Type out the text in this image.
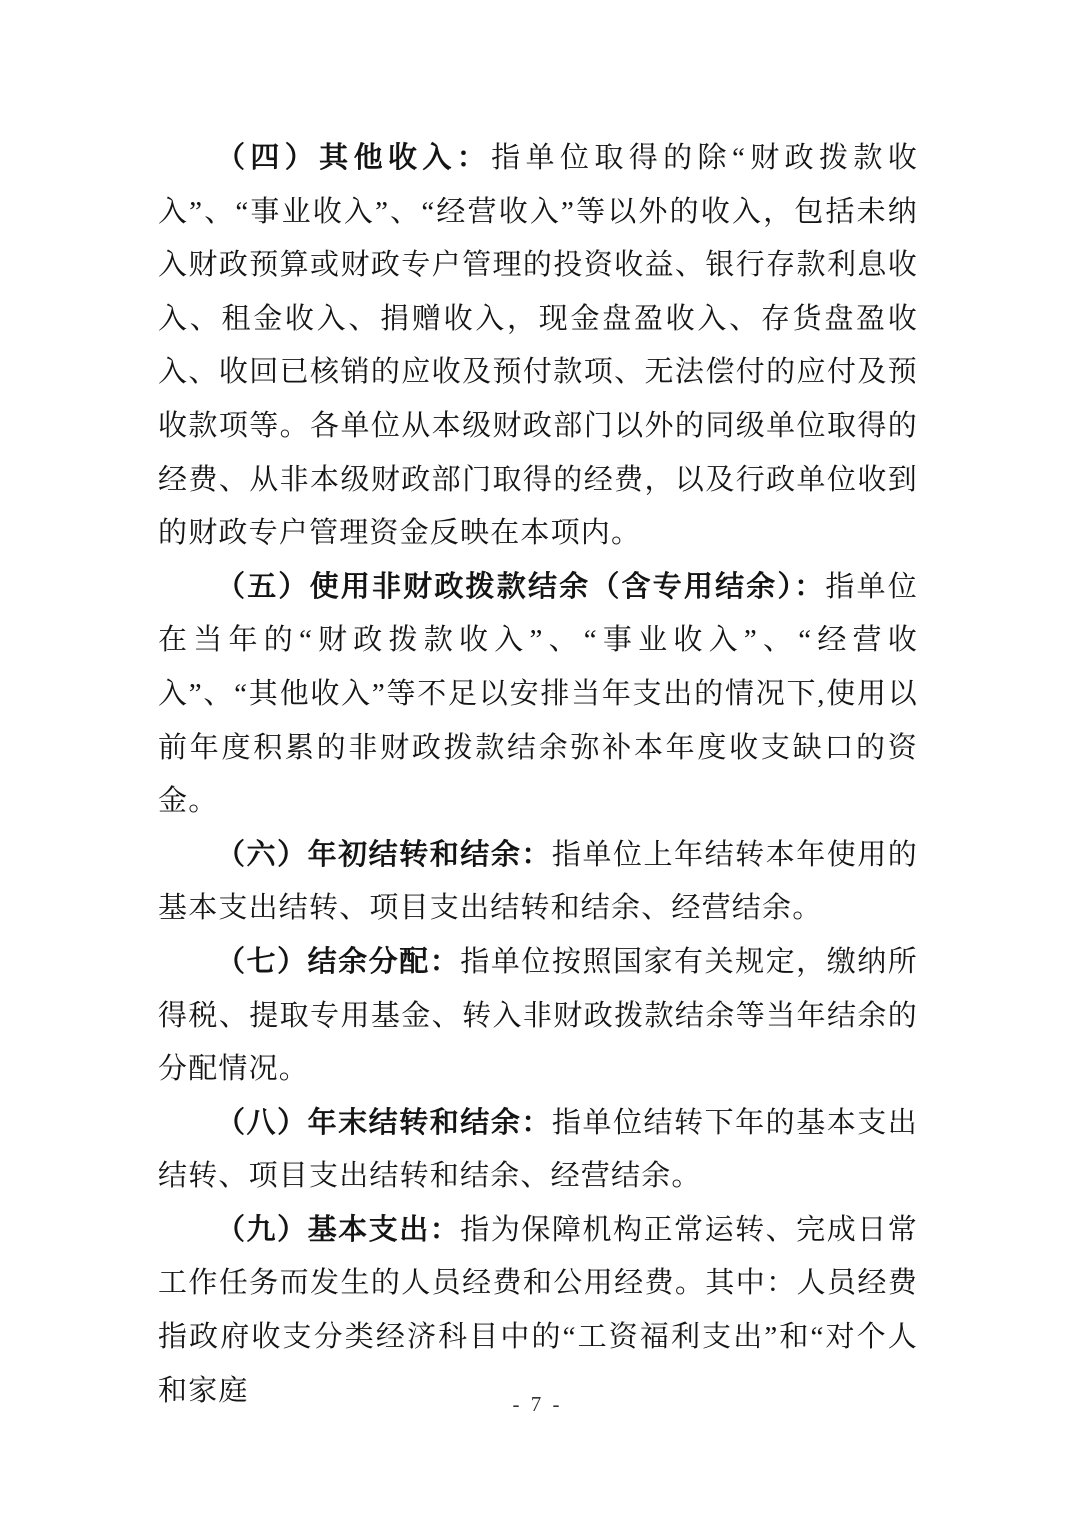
（四）其他收入：指单位取得的除“财政拨款收入”、“事业收入”、“经营收入”等以外的收入，包括未纳入财政预算或财政专户管理的投资收益、银行存款利息收入、租金收入、捐赠收入，现金盘盈收入、存货盘盈收入、收回已核销的应收及预付款项、无法偿付的应付及预收款项等。各单位从本级财政部门以外的同级单位取得的经费、从非本级财政部门取得的经费，以及行政单位收到的财政专户管理资金反映在本项内。

（五）使用非财政拨款结余（含专用结余）：指单位在当年的“财政拨款收入”、“事业收入”、“经营收入”、“其他收入”等不足以安排当年支出的情况下,使用以前年度积累的非财政拨款结余弥补本年度收支缺口的资金。

（六）年初结转和结余：指单位上年结转本年使用的基本支出结转、项目支出结转和结余、经营结余。

（七）结余分配：指单位按照国家有关规定，缴纳所得税、提取专用基金、转入非财政拨款结余等当年结余的分配情况。

（八）年末结转和结余：指单位结转下年的基本支出结转、项目支出结转和结余、经营结余。

（九）基本支出：指为保障机构正常运转、完成日常工作任务而发生的人员经费和公用经费。其中：人员经费指政府收支分类经济科目中的“工资福利支出”和“对个人和家庭	- 7 -
